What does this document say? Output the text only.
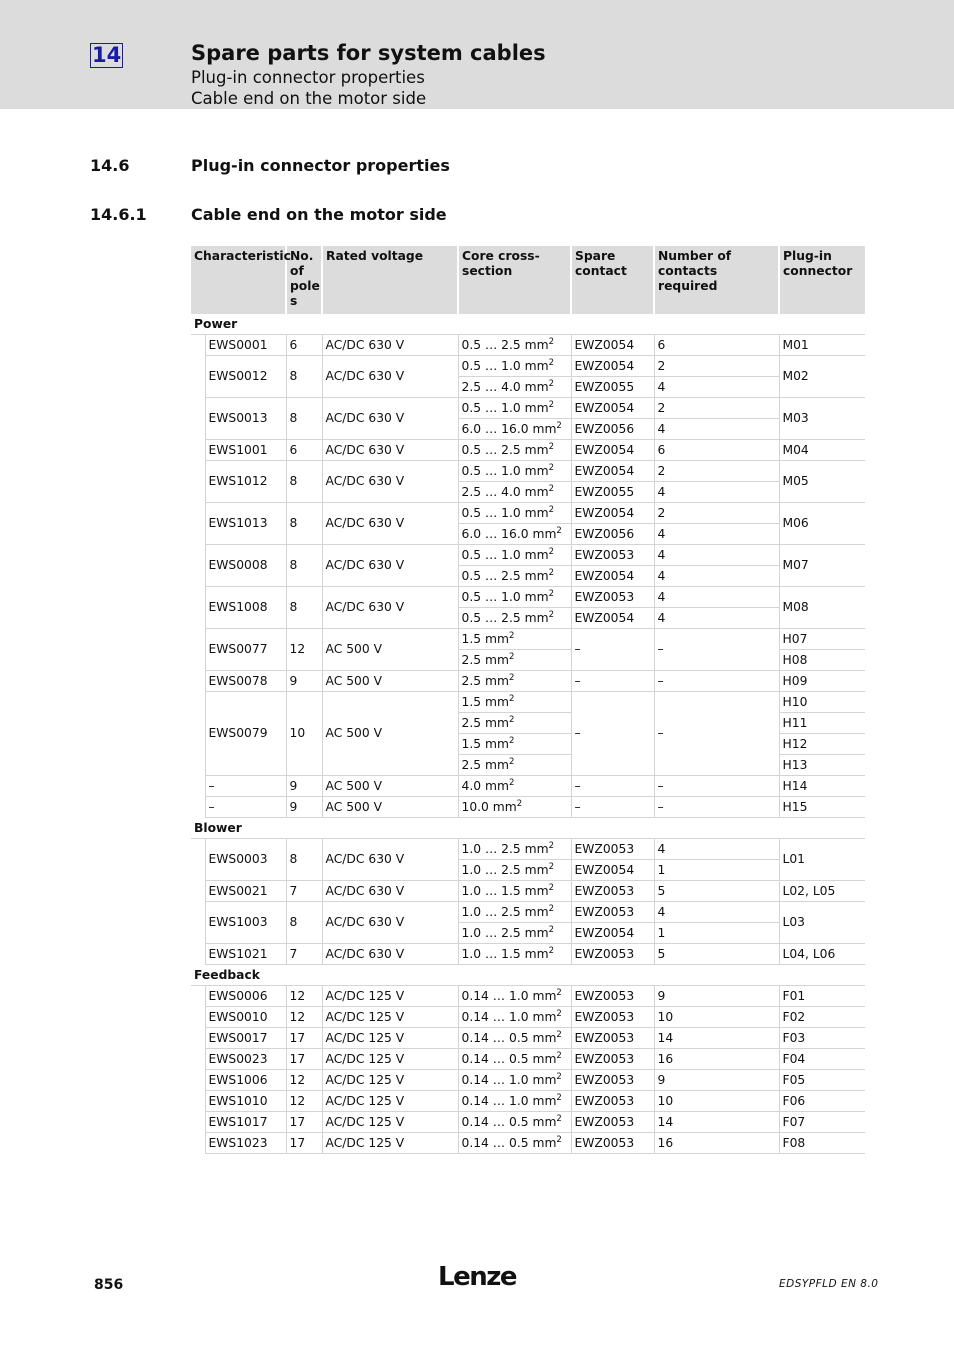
14	Spare parts for system cables
Plug-in connector properties
Cable end on the motor side
14.6	Plug-in connector properties
14.6.1	Cable end on the motor side
Characteristic		No. of pole s	Rated voltage	Core cross-section	Spare contact	Number of contacts required	Plug-in connector
Power							
	EWS0001	6	AC/DC 630 V	0.5 … 2.5 $mm^2$	EWZ0054	6	M01
	EWS0012	8	AC/DC 630 V	0.5 … 1.0 $mm^2$	EWZ0054	2	M02
				2.5 … 4.0 $mm^2$	EWZ0055	4	
	EWS0013	8	AC/DC 630 V	0.5 … 1.0 $mm^2$	EWZ0054	2	M03
				6.0 … 16.0 $mm^2$	EWZ0056	4	
	EWS1001	6	AC/DC 630 V	0.5 … 2.5 $mm^2$	EWZ0054	6	M04
	EWS1012	8	AC/DC 630 V	0.5 … 1.0 $mm^2$	EWZ0054	2	M05
				2.5 … 4.0 $mm^2$	EWZ0055	4	
	EWS1013	8	AC/DC 630 V	0.5 … 1.0 $mm^2$	EWZ0054	2	M06
				6.0 … 16.0 $mm^2$	EWZ0056	4	
	EWS0008	8	AC/DC 630 V	0.5 … 1.0 $mm^2$	EWZ0053	4	M07
				0.5 … 2.5 $mm^2$	EWZ0054	4	
	EWS1008	8	AC/DC 630 V	0.5 … 1.0 $mm^2$	EWZ0053	4	M08
				0.5 … 2.5 $mm^2$	EWZ0054	4	
	EWS0077	12	AC 500 V	1.5 $mm^2$	–	–	H07
				2.5 $mm^2$			H08
	EWS0078	9	AC 500 V	2.5 $mm^2$	–	–	H09
	EWS0079	10	AC 500 V	1.5 $mm^2$	–	–	H10
				2.5 $mm^2$			H11
				1.5 $mm^2$			H12
				2.5 $mm^2$			H13
	–	9	AC 500 V	4.0 $mm^2$	–	–	H14
	–	9	AC 500 V	10.0 $mm^2$	–	–	H15
Blower							
	EWS0003	8	AC/DC 630 V	1.0 … 2.5 $mm^2$	EWZ0053	4	L01
				1.0 … 2.5 $mm^2$	EWZ0054	1	
	EWS0021	7	AC/DC 630 V	1.0 … 1.5 $mm^2$	EWZ0053	5	L02, L05
	EWS1003	8	AC/DC 630 V	1.0 … 2.5 $mm^2$	EWZ0053	4	L03
				1.0 … 2.5 $mm^2$	EWZ0054	1	
	EWS1021	7	AC/DC 630 V	1.0 … 1.5 $mm^2$	EWZ0053	5	L04, L06
Feedback							
	EWS0006	12	AC/DC 125 V	0.14 … 1.0 $mm^2$	EWZ0053	9	F01
	EWS0010	12	AC/DC 125 V	0.14 … 1.0 $mm^2$	EWZ0053	10	F02
	EWS0017	17	AC/DC 125 V	0.14 … 0.5 $mm^2$	EWZ0053	14	F03
	EWS0023	17	AC/DC 125 V	0.14 … 0.5 $mm^2$	EWZ0053	16	F04
	EWS1006	12	AC/DC 125 V	0.14 … 1.0 $mm^2$	EWZ0053	9	F05
	EWS1010	12	AC/DC 125 V	0.14 … 1.0 $mm^2$	EWZ0053	10	F06
	EWS1017	17	AC/DC 125 V	0.14 … 0.5 $mm^2$	EWZ0053	14	F07
	EWS1023	17	AC/DC 125 V	0.14 … 0.5 $mm^2$	EWZ0053	16	F08
856	Lenze	EDSYPFLD EN 8.0
